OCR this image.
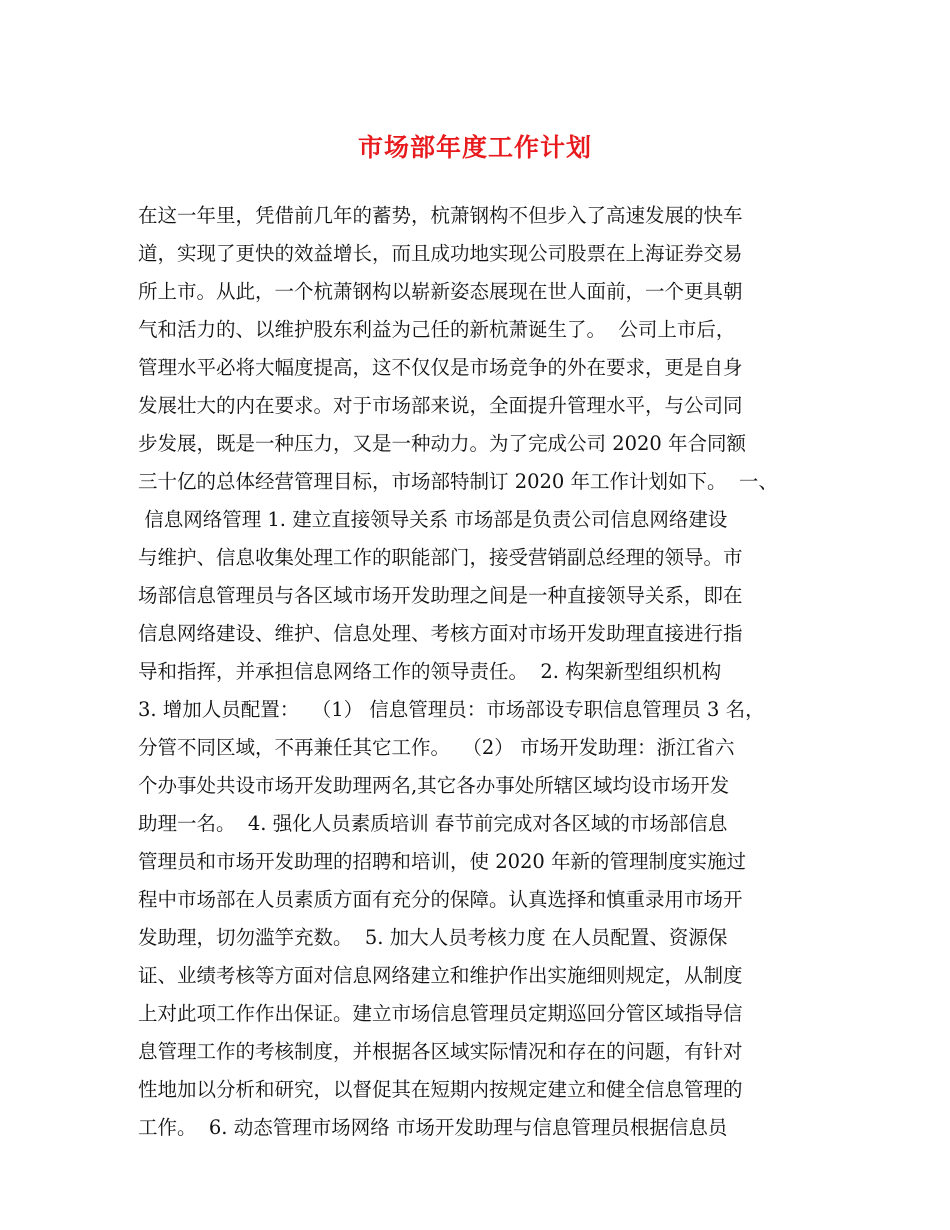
市场部年度工作计划
在这一年里，凭借前几年的蓄势，杭萧钢构不但步入了高速发展的快车
道，实现了更快的效益增长，而且成功地实现公司股票在上海证券交易
所上市。从此，一个杭萧钢构以崭新姿态展现在世人面前，一个更具朝
气和活力的、以维护股东利益为己任的新杭萧诞生了。  公司上市后，
管理水平必将大幅度提高，这不仅仅是市场竞争的外在要求，更是自身
发展壮大的内在要求。对于市场部来说，全面提升管理水平，与公司同
步发展，既是一种压力，又是一种动力。为了完成公司 2020 年合同额
三十亿的总体经营管理目标，市场部特制订 2020 年工作计划如下。  一、
信息网络管理 1. 建立直接领导关系 市场部是负责公司信息网络建设
与维护、信息收集处理工作的职能部门，接受营销副总经理的领导。市
场部信息管理员与各区域市场开发助理之间是一种直接领导关系，即在
信息网络建设、维护、信息处理、考核方面对市场开发助理直接进行指
导和指挥，并承担信息网络工作的领导责任。  2. 构架新型组织机构
3. 增加人员配置：  （1） 信息管理员：市场部设专职信息管理员 3 名，
分管不同区域，不再兼任其它工作。  （2） 市场开发助理：浙江省六
个办事处共设市场开发助理两名,其它各办事处所辖区域均设市场开发
助理一名。  4. 强化人员素质培训 春节前完成对各区域的市场部信息
管理员和市场开发助理的招聘和培训，使 2020 年新的管理制度实施过
程中市场部在人员素质方面有充分的保障。认真选择和慎重录用市场开
发助理，切勿滥竽充数。  5. 加大人员考核力度 在人员配置、资源保
证、业绩考核等方面对信息网络建立和维护作出实施细则规定，从制度
上对此项工作作出保证。建立市场信息管理员定期巡回分管区域指导信
息管理工作的考核制度，并根据各区域实际情况和存在的问题，有针对
性地加以分析和研究，以督促其在短期内按规定建立和健全信息管理的
工作。  6. 动态管理市场网络 市场开发助理与信息管理员根据信息员
